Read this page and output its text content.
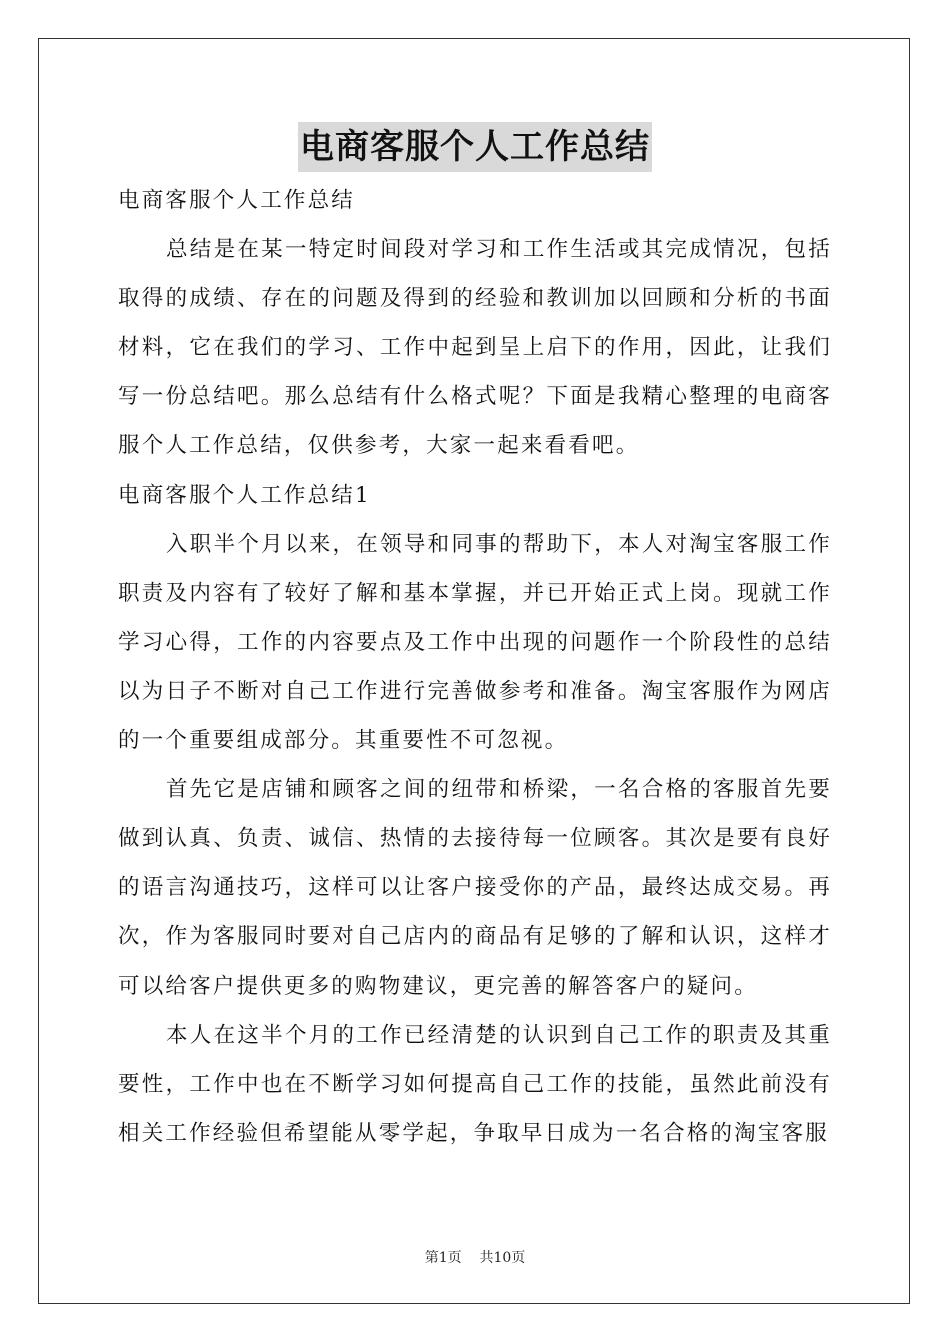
电商客服个人工作总结

电商客服个人工作总结

总结是在某一特定时间段对学习和工作生活或其完成情况，包括取得的成绩、存在的问题及得到的经验和教训加以回顾和分析的书面材料，它在我们的学习、工作中起到呈上启下的作用，因此，让我们写一份总结吧。那么总结有什么格式呢？下面是我精心整理的电商客服个人工作总结，仅供参考，大家一起来看看吧。

电商客服个人工作总结1

入职半个月以来，在领导和同事的帮助下，本人对淘宝客服工作职责及内容有了较好了解和基本掌握，并已开始正式上岗。现就工作学习心得，工作的内容要点及工作中出现的问题作一个阶段性的总结以为日子不断对自己工作进行完善做参考和准备。淘宝客服作为网店的一个重要组成部分。其重要性不可忽视。

首先它是店铺和顾客之间的纽带和桥梁，一名合格的客服首先要做到认真、负责、诚信、热情的去接待每一位顾客。其次是要有良好的语言沟通技巧，这样可以让客户接受你的产品，最终达成交易。再次，作为客服同时要对自己店内的商品有足够的了解和认识，这样才可以给客户提供更多的购物建议，更完善的解答客户的疑问。

本人在这半个月的工作已经清楚的认识到自己工作的职责及其重要性，工作中也在不断学习如何提高自己工作的技能，虽然此前没有相关工作经验但希望能从零学起，争取早日成为一名合格的淘宝客服

第1页 共10页
